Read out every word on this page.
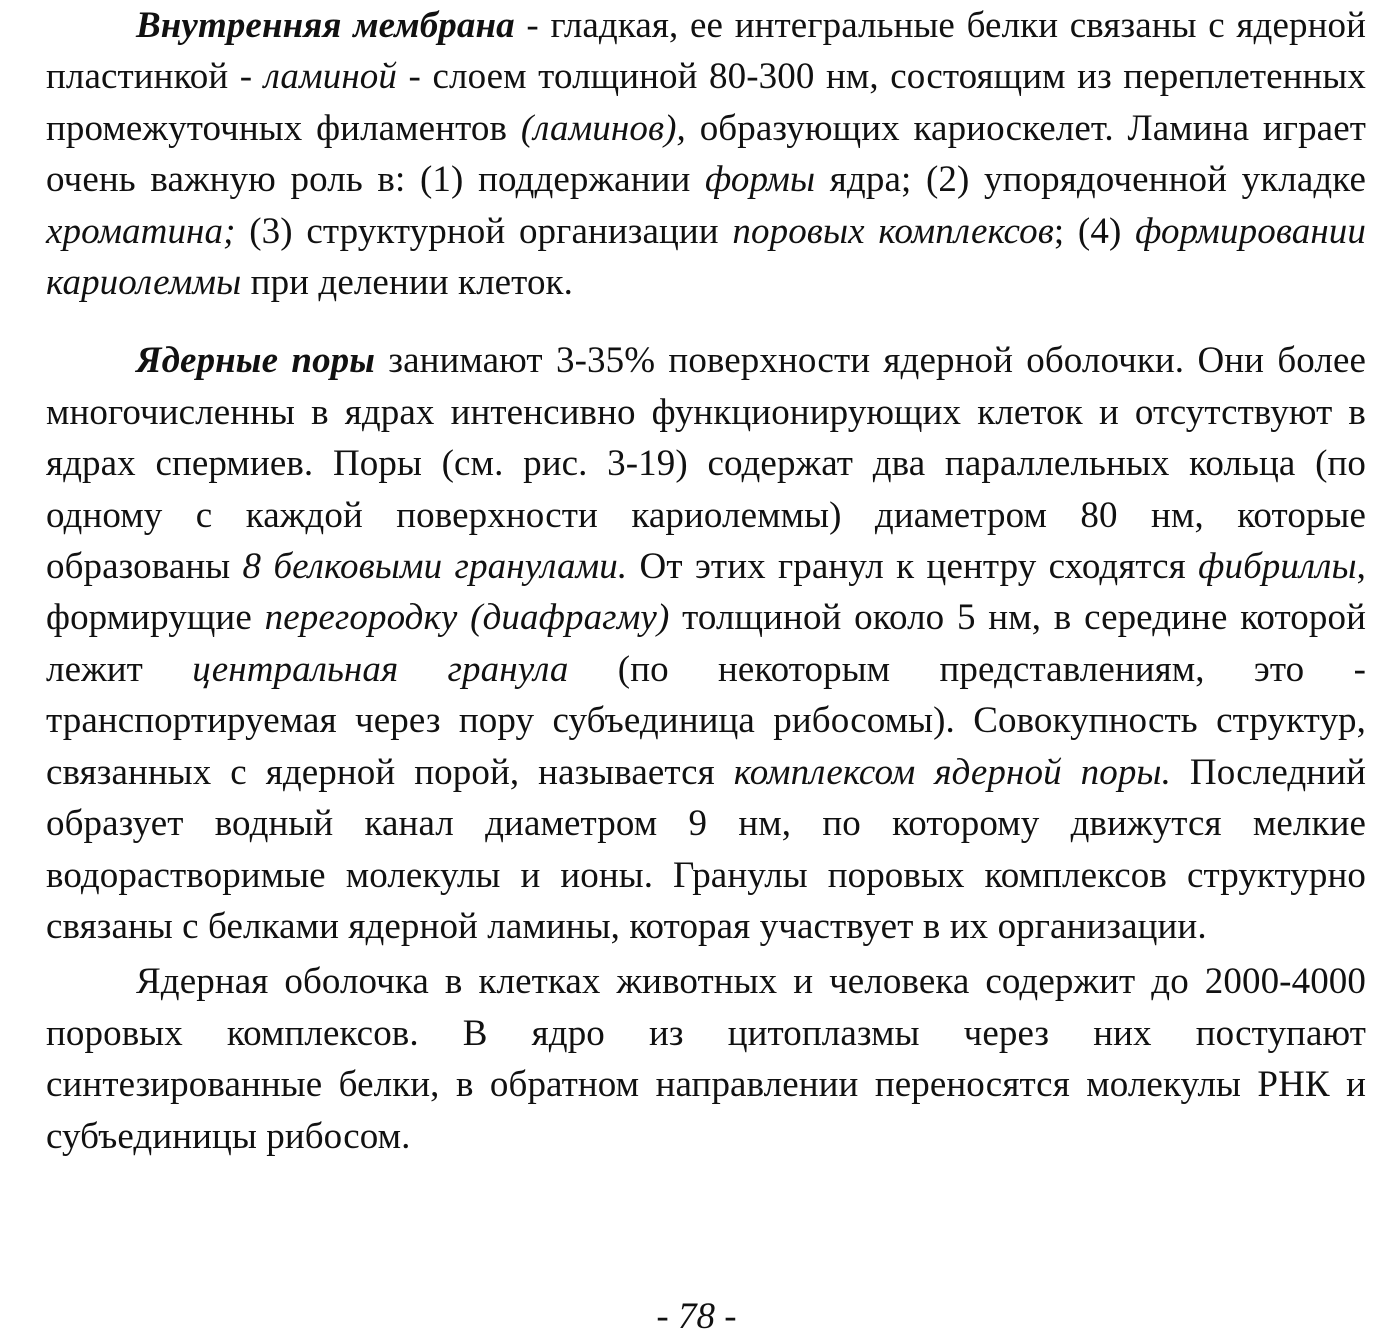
Внутренняя мембрана - гладкая, ее интегральные белки связаны с ядерной пластинкой - ламиной - слоем толщиной 80-300 нм, состоящим из переплетенных промежуточных филаментов (ламинов), образующих кариоскелет. Ламина играет очень важную роль в: (1) поддержании формы ядра; (2) упорядоченной укладке хроматина; (3) структурной организации поровых комплексов; (4) формировании кариолеммы при делении клеток.

Ядерные поры занимают 3-35% поверхности ядерной оболочки. Они более многочисленны в ядрах интенсивно функционирующих клеток и отсутствуют в ядрах спермиев. Поры (см. рис. 3-19) содержат два параллельных кольца (по одному с каждой поверхности кариолеммы) диаметром 80 нм, которые образованы 8 белковыми гранулами. От этих гранул к центру сходятся фибриллы, формирущие перегородку (диафрагму) толщиной около 5 нм, в середине которой лежит центральная гранула (по некоторым представлениям, это - транспортируемая через пору субъединица рибосомы). Совокупность структур, связанных с ядерной порой, называется комплексом ядерной поры. Последний образует водный канал диаметром 9 нм, по которому движутся мелкие водорастворимые молекулы и ионы. Гранулы поровых комплексов структурно связаны с белками ядерной ламины, которая участвует в их организации.

Ядерная оболочка в клетках животных и человека содержит до 2000-4000 поровых комплексов. В ядро из цитоплазмы через них поступают синтезированные белки, в обратном направлении переносятся молекулы РНК и субъединицы рибосом.

- 78 -
